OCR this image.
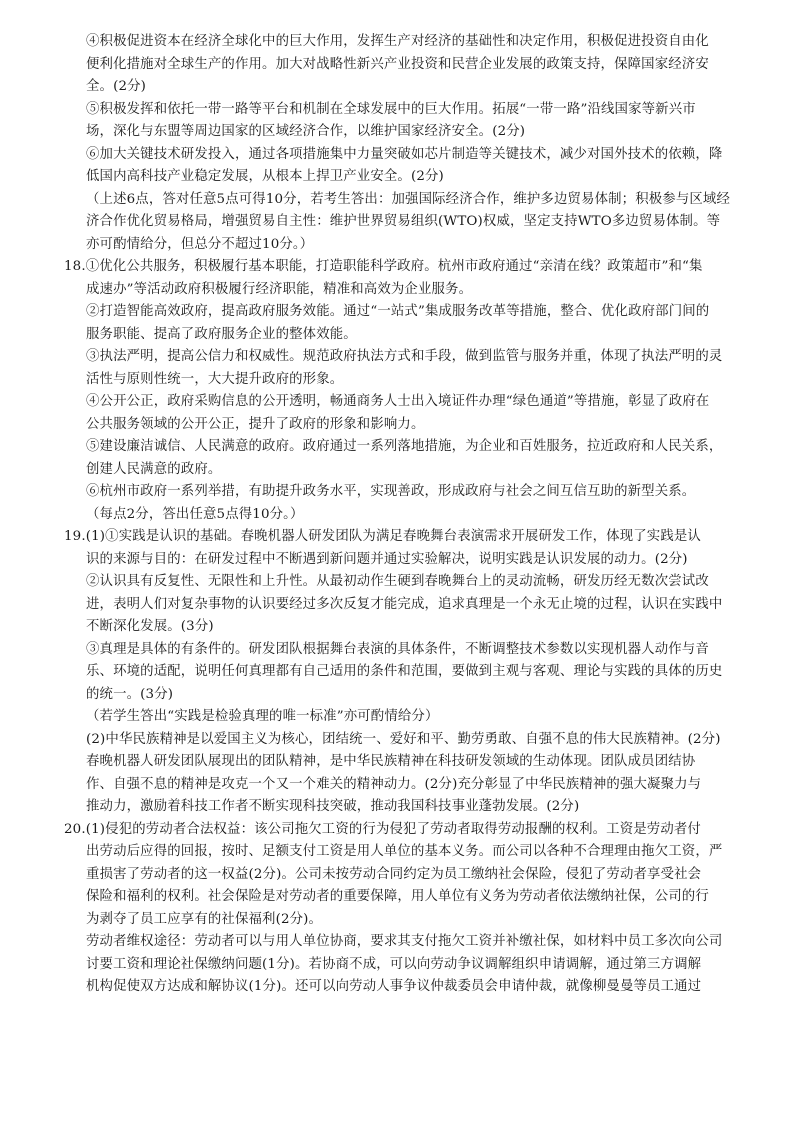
④积极促进资本在经济全球化中的巨大作用，发挥生产对经济的基础性和决定作用，积极促进投资自由化
便利化措施对全球生产的作用。加大对战略性新兴产业投资和民营企业发展的政策支持，保障国家经济安
全。(2分)
⑤积极发挥和依托一带一路等平台和机制在全球发展中的巨大作用。拓展“一带一路”沿线国家等新兴市
场，深化与东盟等周边国家的区域经济合作，以维护国家经济安全。(2分)
⑥加大关键技术研发投入，通过各项措施集中力量突破如芯片制造等关键技术，减少对国外技术的依赖，降
低国内高科技产业稳定发展，从根本上捍卫产业安全。(2分)
（上述6点，答对任意5点可得10分，若考生答出：加强国际经济合作，维护多边贸易体制；积极参与区域经
济合作优化贸易格局，增强贸易自主性：维护世界贸易组织(WTO)权威，坚定支持WTO多边贸易体制。等
亦可酌情给分，但总分不超过10分。）
18.①优化公共服务，积极履行基本职能，打造职能科学政府。杭州市政府通过“亲清在线？政策超市”和“集
成速办”等活动政府积极履行经济职能，精准和高效为企业服务。
②打造智能高效政府，提高政府服务效能。通过“一站式”集成服务改革等措施，整合、优化政府部门间的
服务职能、提高了政府服务企业的整体效能。
③执法严明，提高公信力和权威性。规范政府执法方式和手段，做到监管与服务并重，体现了执法严明的灵
活性与原则性统一，大大提升政府的形象。
④公开公正，政府采购信息的公开透明，畅通商务人士出入境证件办理“绿色通道”等措施，彰显了政府在
公共服务领域的公开公正，提升了政府的形象和影响力。
⑤建设廉洁诚信、人民满意的政府。政府通过一系列落地措施，为企业和百姓服务，拉近政府和人民关系，
创建人民满意的政府。
⑥杭州市政府一系列举措，有助提升政务水平，实现善政，形成政府与社会之间互信互助的新型关系。
（每点2分，答出任意5点得10分。）
19.(1)①实践是认识的基础。春晚机器人研发团队为满足春晚舞台表演需求开展研发工作，体现了实践是认
识的来源与目的：在研发过程中不断遇到新问题并通过实验解决，说明实践是认识发展的动力。(2分)
②认识具有反复性、无限性和上升性。从最初动作生硬到春晚舞台上的灵动流畅，研发历经无数次尝试改
进，表明人们对复杂事物的认识要经过多次反复才能完成，追求真理是一个永无止境的过程，认识在实践中
不断深化发展。(3分)
③真理是具体的有条件的。研发团队根据舞台表演的具体条件，不断调整技术参数以实现机器人动作与音
乐、环境的适配，说明任何真理都有自己适用的条件和范围，要做到主观与客观、理论与实践的具体的历史
的统一。(3分)
（若学生答出“实践是检验真理的唯一标准”亦可酌情给分）
(2)中华民族精神是以爱国主义为核心，团结统一、爱好和平、勤劳勇敢、自强不息的伟大民族精神。(2分)
春晚机器人研发团队展现出的团队精神，是中华民族精神在科技研发领域的生动体现。团队成员团结协
作、自强不息的精神是攻克一个又一个难关的精神动力。(2分)充分彰显了中华民族精神的强大凝聚力与
推动力，激励着科技工作者不断实现科技突破，推动我国科技事业蓬勃发展。(2分)
20.(1)侵犯的劳动者合法权益：该公司拖欠工资的行为侵犯了劳动者取得劳动报酬的权利。工资是劳动者付
出劳动后应得的回报，按时、足额支付工资是用人单位的基本义务。而公司以各种不合理理由拖欠工资，严
重损害了劳动者的这一权益(2分)。公司未按劳动合同约定为员工缴纳社会保险，侵犯了劳动者享受社会
保险和福利的权利。社会保险是对劳动者的重要保障，用人单位有义务为劳动者依法缴纳社保，公司的行
为剥夺了员工应享有的社保福利(2分)。
劳动者维权途径：劳动者可以与用人单位协商，要求其支付拖欠工资并补缴社保，如材料中员工多次向公司
讨要工资和理论社保缴纳问题(1分)。若协商不成，可以向劳动争议调解组织申请调解，通过第三方调解
机构促使双方达成和解协议(1分)。还可以向劳动人事争议仲裁委员会申请仲裁，就像柳曼曼等员工通过
